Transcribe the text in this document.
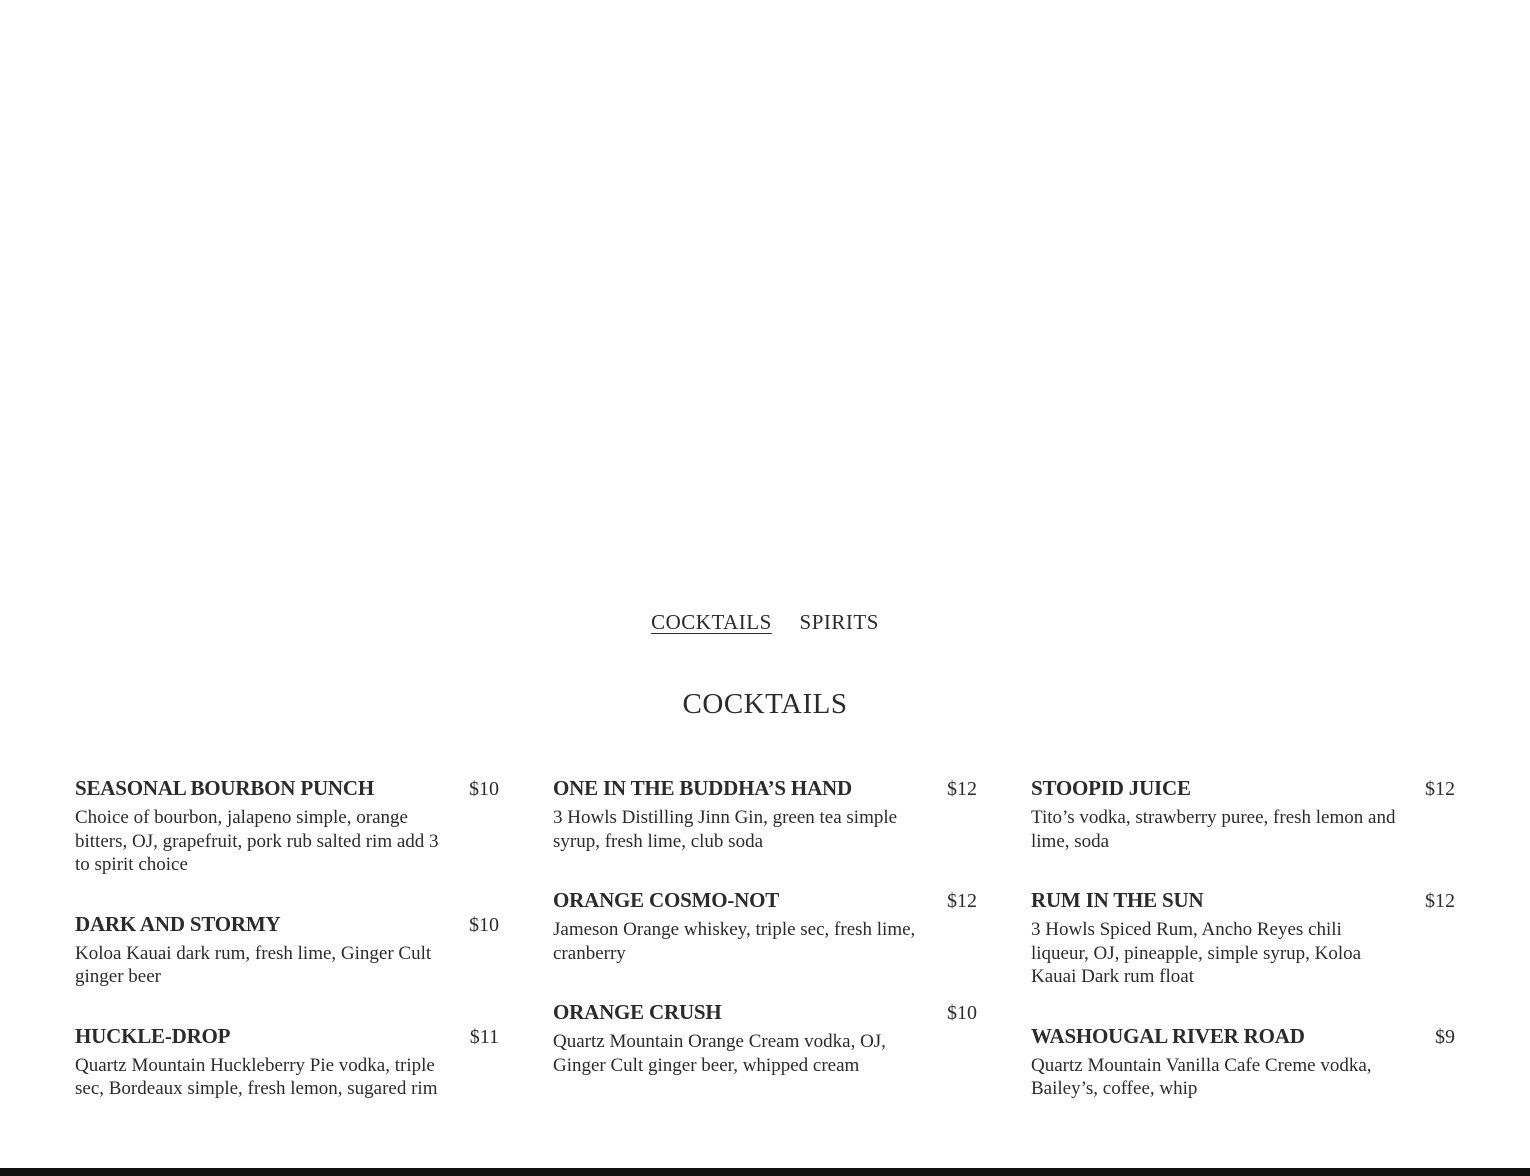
COCKTAILS SPIRITS
COCKTAILS
SEASONAL BOURBON PUNCH	$10
Choice of bourbon, jalapeno simple, orange bitters, OJ, grapefruit, pork rub salted rim add 3 to spirit choice
DARK AND STORMY	$10
Koloa Kauai dark rum, fresh lime, Ginger Cult ginger beer
HUCKLE-DROP	$11
Quartz Mountain Huckleberry Pie vodka, triple sec, Bordeaux simple, fresh lemon, sugared rim
ONE IN THE BUDDHA’S HAND	$12
3 Howls Distilling Jinn Gin, green tea simple syrup, fresh lime, club soda
ORANGE COSMO-NOT	$12
Jameson Orange whiskey, triple sec, fresh lime, cranberry
ORANGE CRUSH	$10
Quartz Mountain Orange Cream vodka, OJ, Ginger Cult ginger beer, whipped cream
STOOPID JUICE	$12
Tito’s vodka, strawberry puree, fresh lemon and lime, soda
RUM IN THE SUN	$12
3 Howls Spiced Rum, Ancho Reyes chili liqueur, OJ, pineapple, simple syrup, Koloa Kauai Dark rum float
WASHOUGAL RIVER ROAD	$9
Quartz Mountain Vanilla Cafe Creme vodka, Bailey’s, coffee, whip
